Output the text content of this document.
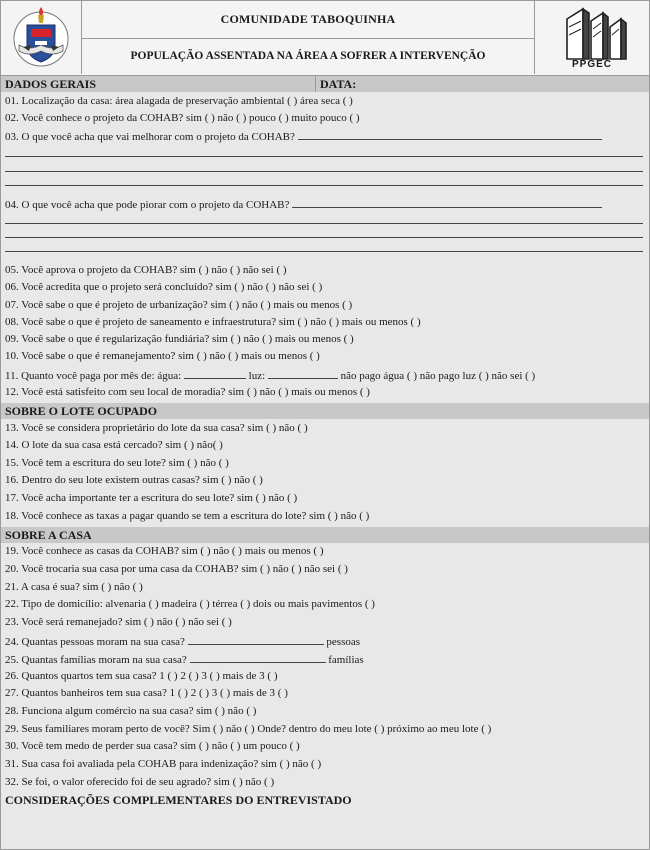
COMUNIDADE TABOQUINHA
POPULAÇÃO ASSENTADA NA ÁREA A SOFRER A INTERVENÇÃO
PPGEC
DADOS GERAIS	DATA:
01. Localização da casa: área alagada de preservação ambiental ( ) área seca ( )
02. Você conhece o projeto da COHAB? sim ( ) não ( ) pouco ( ) muito pouco ( )
03. O que você acha que vai melhorar com o projeto da COHAB?
04. O que você acha que pode piorar com o projeto da COHAB?
05. Você aprova o projeto da COHAB? sim ( ) não ( ) não sei ( )
06. Você acredita que o projeto será concluído? sim ( ) não ( ) não sei ( )
07. Você sabe o que é projeto de urbanização? sim ( ) não ( ) mais ou menos ( )
08. Você sabe o que é projeto de saneamento e infraestrutura? sim ( ) não ( ) mais ou menos ( )
09. Você sabe o que é regularização fundiária? sim ( ) não ( ) mais ou menos ( )
10. Você sabe o que é remanejamento? sim ( ) não ( ) mais ou menos ( )
11. Quanto você paga por mês de: água:	luz:	não pago água ( ) não pago luz ( ) não sei ( )
12. Você está satisfeito com seu local de moradia? sim ( ) não ( ) mais ou menos ( )
SOBRE O LOTE OCUPADO
13. Você se considera proprietário do lote da sua casa? sim ( ) não ( )
14. O lote da sua casa está cercado? sim ( ) não( )
15. Você tem a escritura do seu lote? sim ( ) não ( )
16. Dentro do seu lote existem outras casas? sim ( ) não ( )
17. Você acha importante ter a escritura do seu lote? sim ( ) não ( )
18. Você conhece as taxas a pagar quando se tem a escritura do lote? sim ( ) não ( )
SOBRE A CASA
19. Você conhece as casas da COHAB? sim ( ) não ( ) mais ou menos ( )
20. Você trocaria sua casa por uma casa da COHAB? sim ( ) não ( ) não sei ( )
21. A casa é sua? sim ( ) não ( )
22. Tipo de domicílio: alvenaria ( ) madeira ( ) térrea ( ) dois ou mais pavimentos ( )
23. Você será remanejado? sim ( ) não ( ) não sei ( )
24. Quantas pessoas moram na sua casa?	pessoas
25. Quantas famílias moram na sua casa?	famílias
26. Quantos quartos tem sua casa? 1 ( ) 2 ( ) 3 ( ) mais de 3 ( )
27. Quantos banheiros tem sua casa? 1 ( ) 2 ( ) 3 ( ) mais de 3 ( )
28. Funciona algum comércio na sua casa? sim ( ) não ( )
29. Seus familiares moram perto de você? Sim ( ) não ( ) Onde? dentro do meu lote ( ) próximo ao meu lote ( )
30. Você tem medo de perder sua casa? sim ( ) não ( ) um pouco ( )
31. Sua casa foi avaliada pela COHAB para indenização? sim ( ) não ( )
32. Se foi, o valor oferecido foi de seu agrado? sim ( ) não ( )
CONSIDERAÇÕES COMPLEMENTARES DO ENTREVISTADO
